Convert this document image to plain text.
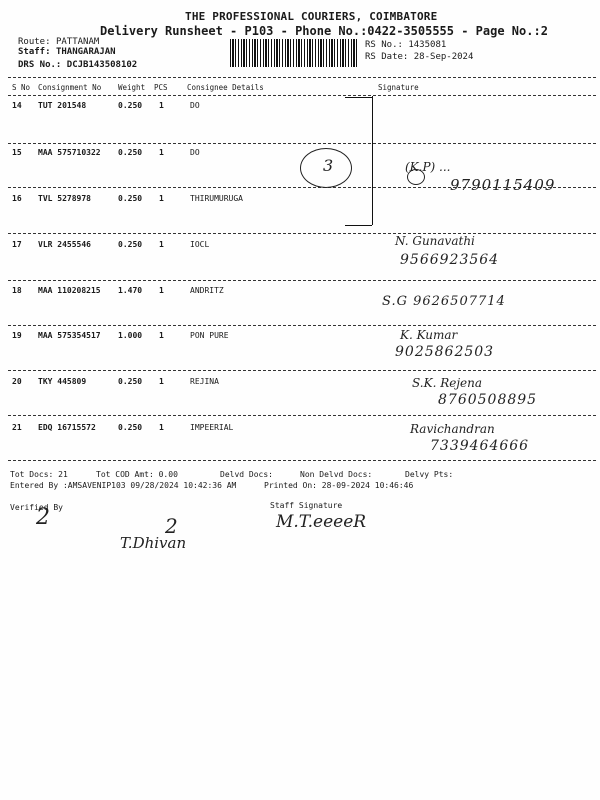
THE PROFESSIONAL COURIERS, COIMBATORE
Delivery Runsheet - P103 - Phone No.:0422-3505555 - Page No.:2
Route: PATTANAM
Staff: THANGARAJAN
DRS No.: DCJB143508102
RS No.: 1435081
RS Date: 28-Sep-2024
S No Consignment No Weight PCS	Consignee Details	Signature
14 TUT 201548	0.250 1	DO
15 MAA 575710322 0.250 1	DO
(K.P) ...
9790115409
16 TVL 5278978	0.250 1	THIRUMURUGA
17 VLR 2455546	0.250 1	IOCL	N. Gunavathi
9566923564
18 MAA 110208215 1.470 1	ANDRITZ
S.G 9626507714
19 MAA 575354517 1.000 1	PON PURE	K. Kumar
9025862503
20 TKY 445809	0.250 1	REJINA	S.K. Rejena
8760508895
21 EDQ 16715572	0.250 1	IMPEERIAL	Ravichandran
7339464666
3
Tot Docs: 21	Tot COD Amt: 0.00	Delvd Docs:	Non Delvd Docs:	Delvy Pts:
Entered By :AMSAVENIP103 09/28/2024 10:42:36 AM	Printed On: 28-09-2024 10:46:46
Verified By	Staff Signature
2	2
T.Dhivan
M.T.eeeeR
